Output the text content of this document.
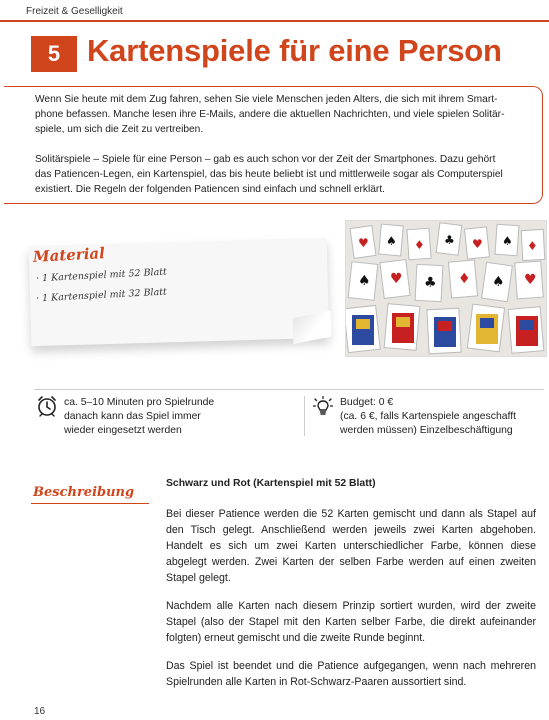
Freizeit & Geselligkeit
5 Kartenspiele für eine Person

Wenn Sie heute mit dem Zug fahren, sehen Sie viele Menschen jeden Alters, die sich mit ihrem Smart-
phone befassen. Manche lesen ihre E-Mails, andere die aktuellen Nachrichten, und viele spielen Solitär-
spiele, um sich die Zeit zu vertreiben.

Solitärspiele – Spiele für eine Person – gab es auch schon vor der Zeit der Smartphones. Dazu gehört
das Patiencen-Legen, ein Kartenspiel, das bis heute beliebt ist und mittlerweile sogar als Computerspiel
existiert. Die Regeln der folgenden Patiencen sind einfach und schnell erklärt.

Material
· 1 Kartenspiel mit 52 Blatt
· 1 Kartenspiel mit 32 Blatt
♥ ♠ ♦ ♣ ♥ ♠ ♦
♠ ♥ ♣ ♦ ♠ ♥

ca. 5–10 Minuten pro Spielrunde
danach kann das Spiel immer
wieder eingesetzt werden

Budget: 0 €
(ca. 6 €, falls Kartenspiele angeschafft
werden müssen) Einzelbeschäftigung

Beschreibung

Schwarz und Rot (Kartenspiel mit 52 Blatt)

Bei dieser Patience werden die 52 Karten gemischt und dann als Stapel auf den Tisch gelegt. Anschließend werden jeweils zwei Karten abgehoben. Handelt es sich um zwei Karten unterschiedlicher Farbe, können diese abgelegt werden. Zwei Karten der selben Farbe werden auf einen zweiten Stapel gelegt.

Nachdem alle Karten nach diesem Prinzip sortiert wurden, wird der zweite Stapel (also der Stapel mit den Karten selber Farbe, die direkt aufeinander folgten) erneut gemischt und die zweite Runde beginnt.

Das Spiel ist beendet und die Patience aufgegangen, wenn nach mehreren Spielrunden alle Karten in Rot-Schwarz-Paaren aussortiert sind.

16
